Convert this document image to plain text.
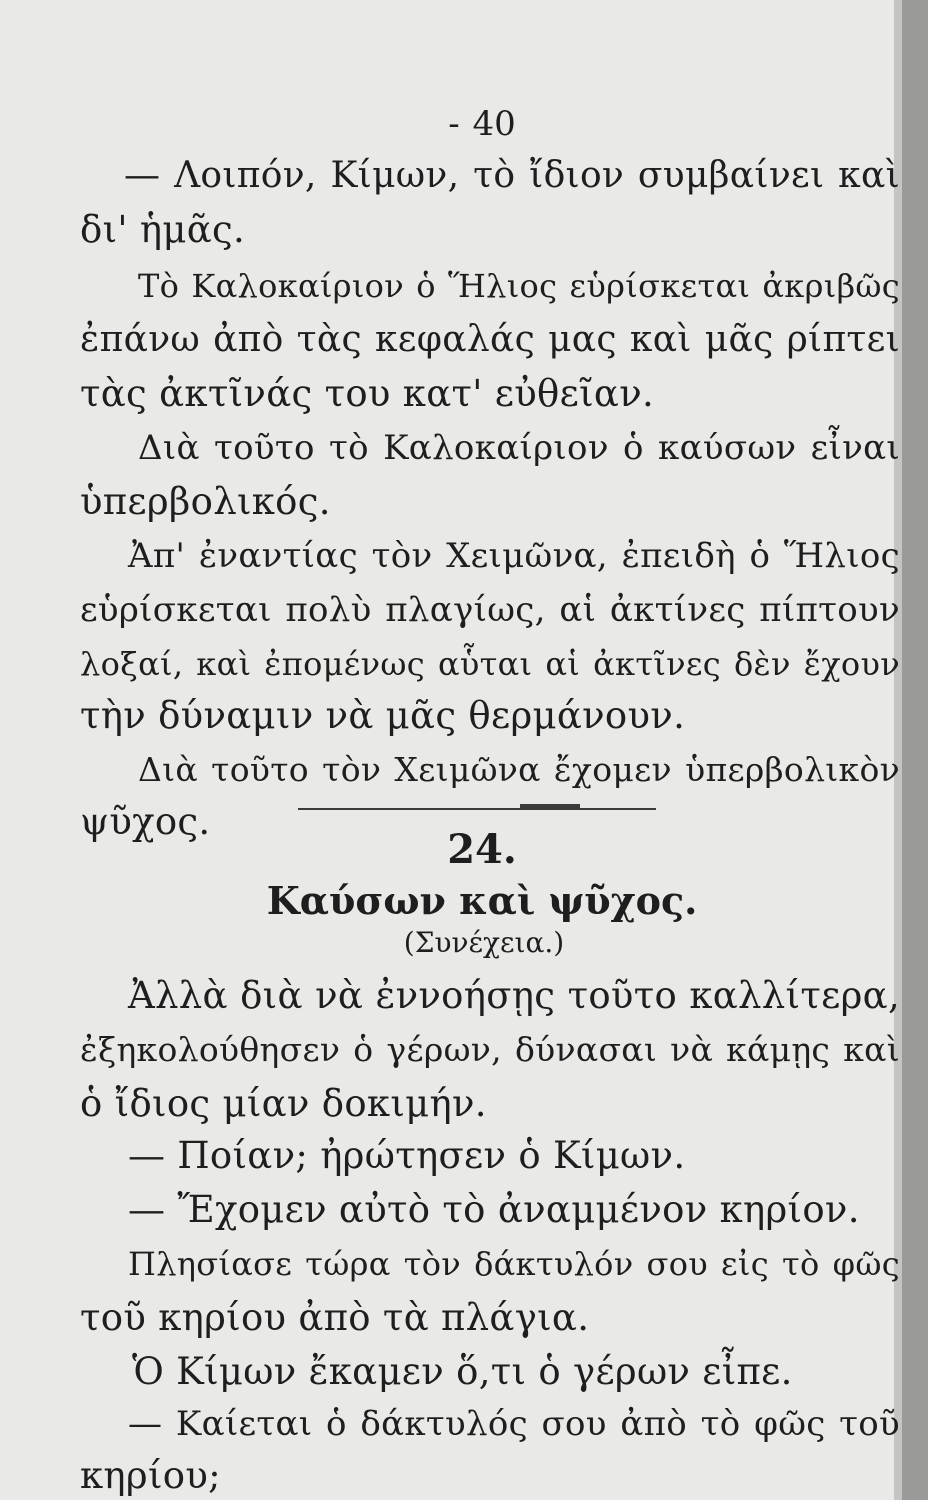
- 40
— Λοιπόν, Κίμων, τὸ ἴδιον συμβαίνει καὶ
δι' ἡμᾶς.
Τὸ Καλοκαίριον ὁ Ἥλιος εὑρίσκεται ἀκριβῶς
ἐπάνω ἀπὸ τὰς κεφαλάς μας καὶ μᾶς ρίπτει
τὰς ἀκτῖνάς του κατ' εὐθεῖαν.
Διὰ τοῦτο τὸ Καλοκαίριον ὁ καύσων εἶναι
ὑπερβολικός.
Ἀπ' ἐναντίας τὸν Χειμῶνα, ἐπειδὴ ὁ Ἥλιος
εὑρίσκεται πολὺ πλαγίως, αἱ ἀκτίνες πίπτουν
λοξαί, καὶ ἐπομένως αὗται αἱ ἀκτῖνες δὲν ἔχουν
τὴν δύναμιν νὰ μᾶς θερμάνουν.
Διὰ τοῦτο τὸν Χειμῶνα ἔχομεν ὑπερβολικὸν
ψῦχος.
24.
Καύσων καὶ ψῦχος.
(Συνέχεια.)
Ἀλλὰ διὰ νὰ ἐννοήσῃς τοῦτο καλλίτερα,
ἐξηκολούθησεν ὁ γέρων, δύνασαι νὰ κάμῃς καὶ
ὁ ἴδιος μίαν δοκιμήν.
— Ποίαν; ἠρώτησεν ὁ Κίμων.
— Ἔχομεν αὐτὸ τὸ ἀναμμένον κηρίον.
Πλησίασε τώρα τὸν δάκτυλόν σου εἰς τὸ φῶς
τοῦ κηρίου ἀπὸ τὰ πλάγια.
Ὁ Κίμων ἔκαμεν ὅ,τι ὁ γέρων εἶπε.
— Καίεται ὁ δάκτυλός σου ἀπὸ τὸ φῶς τοῦ
κηρίου;
